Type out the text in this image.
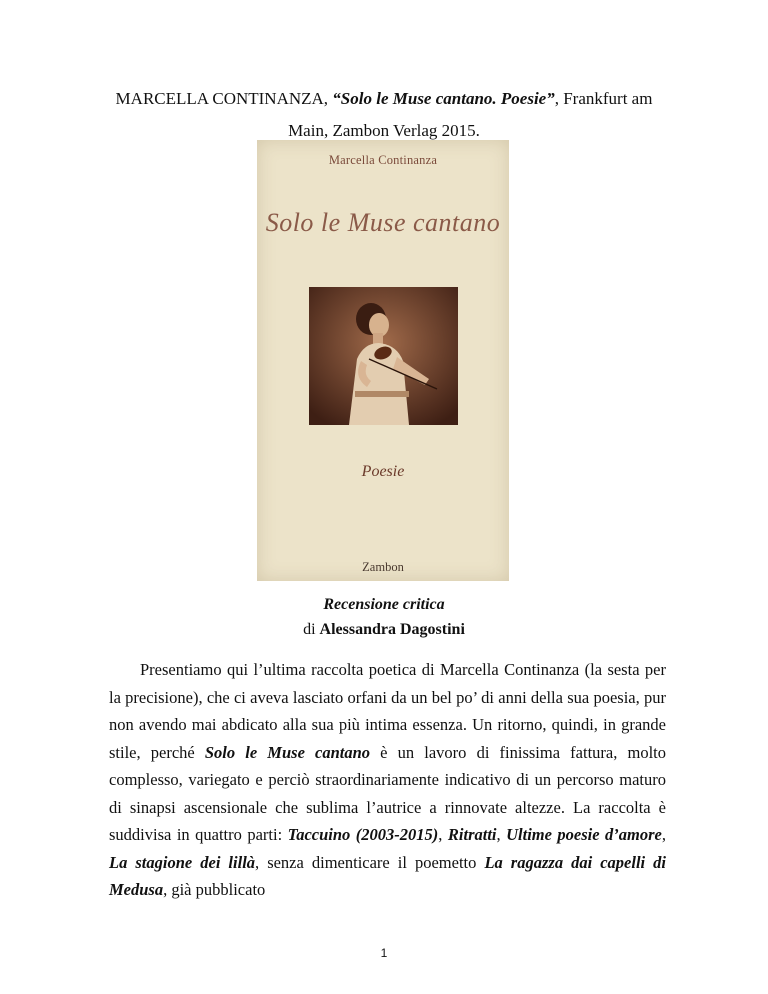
MARCELLA CONTINANZA, “Solo le Muse cantano. Poesie”, Frankfurt am
Main, Zambon Verlag 2015.
Marcella Continanza
Solo le Muse cantano
Poesie
Zambon
Recensione critica
di Alessandra Dagostini

Presentiamo qui l’ultima raccolta poetica di Marcella Continanza (la sesta per la precisione), che ci aveva lasciato orfani da un bel po’ di anni della sua poesia, pur non avendo mai abdicato alla sua più intima essenza. Un ritorno, quindi, in grande stile, perché Solo le Muse cantano è un lavoro di finissima fattura, molto complesso, variegato e perciò straordinariamente indicativo di un percorso maturo di sinapsi ascensionale che sublima l’autrice a rinnovate altezze. La raccolta è suddivisa in quattro parti: Taccuino (2003-2015), Ritratti, Ultime poesie d’amore, La stagione dei lillà, senza dimenticare il poemetto La ragazza dai capelli di Medusa, già pubblicato

1
